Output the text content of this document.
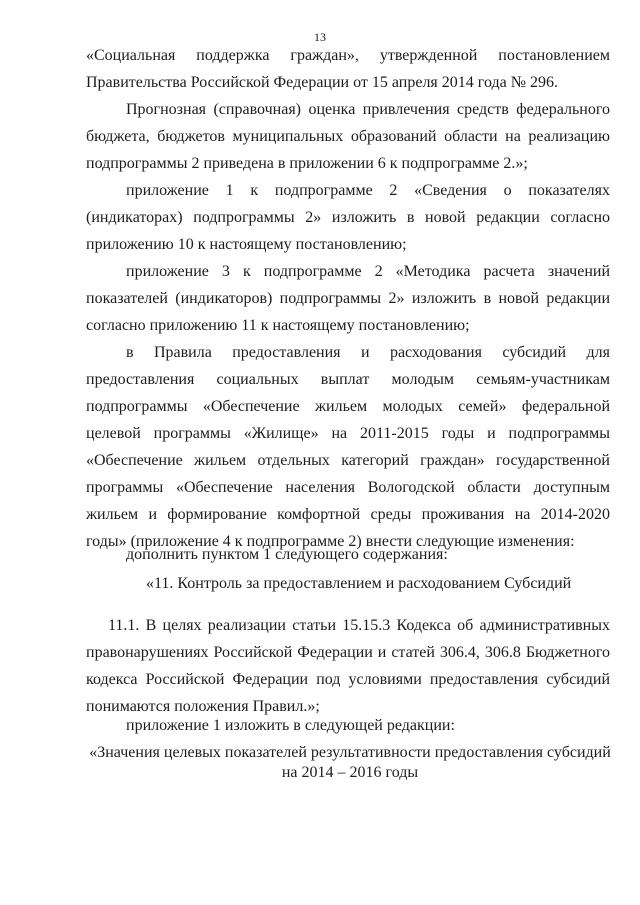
13

«Социальная поддержка граждан», утвержденной постановлением Правительства Российской Федерации от 15 апреля 2014 года № 296.

Прогнозная (справочная) оценка привлечения средств федерального бюджета, бюджетов муниципальных образований области на реализацию подпрограммы 2 приведена в приложении 6 к подпрограмме 2.»;

приложение 1 к подпрограмме 2 «Сведения о показателях (индикаторах) подпрограммы 2» изложить в новой редакции согласно приложению 10 к настоящему постановлению;

приложение 3 к подпрограмме 2 «Методика расчета значений показателей (индикаторов) подпрограммы 2» изложить в новой редакции согласно приложению 11 к настоящему постановлению;

в Правила предоставления и расходования субсидий для предоставления социальных выплат молодым семьям-участникам подпрограммы «Обеспечение жильем молодых семей» федеральной целевой программы «Жилище» на 2011-2015 годы и подпрограммы «Обеспечение жильем отдельных категорий граждан» государственной программы «Обеспечение населения Вологодской области доступным жильем и формирование комфортной среды проживания на 2014-2020 годы» (приложение 4 к подпрограмме 2) внести следующие изменения:

дополнить пунктом 1 следующего содержания:

«11. Контроль за предоставлением и расходованием Субсидий

11.1. В целях реализации статьи 15.15.3 Кодекса об административных правонарушениях Российской Федерации и статей 306.4, 306.8 Бюджетного кодекса Российской Федерации под условиями предоставления субсидий понимаются положения Правил.»;

приложение 1 изложить в следующей редакции:

«Значения целевых показателей результативности предоставления субсидий

на 2014 – 2016 годы
